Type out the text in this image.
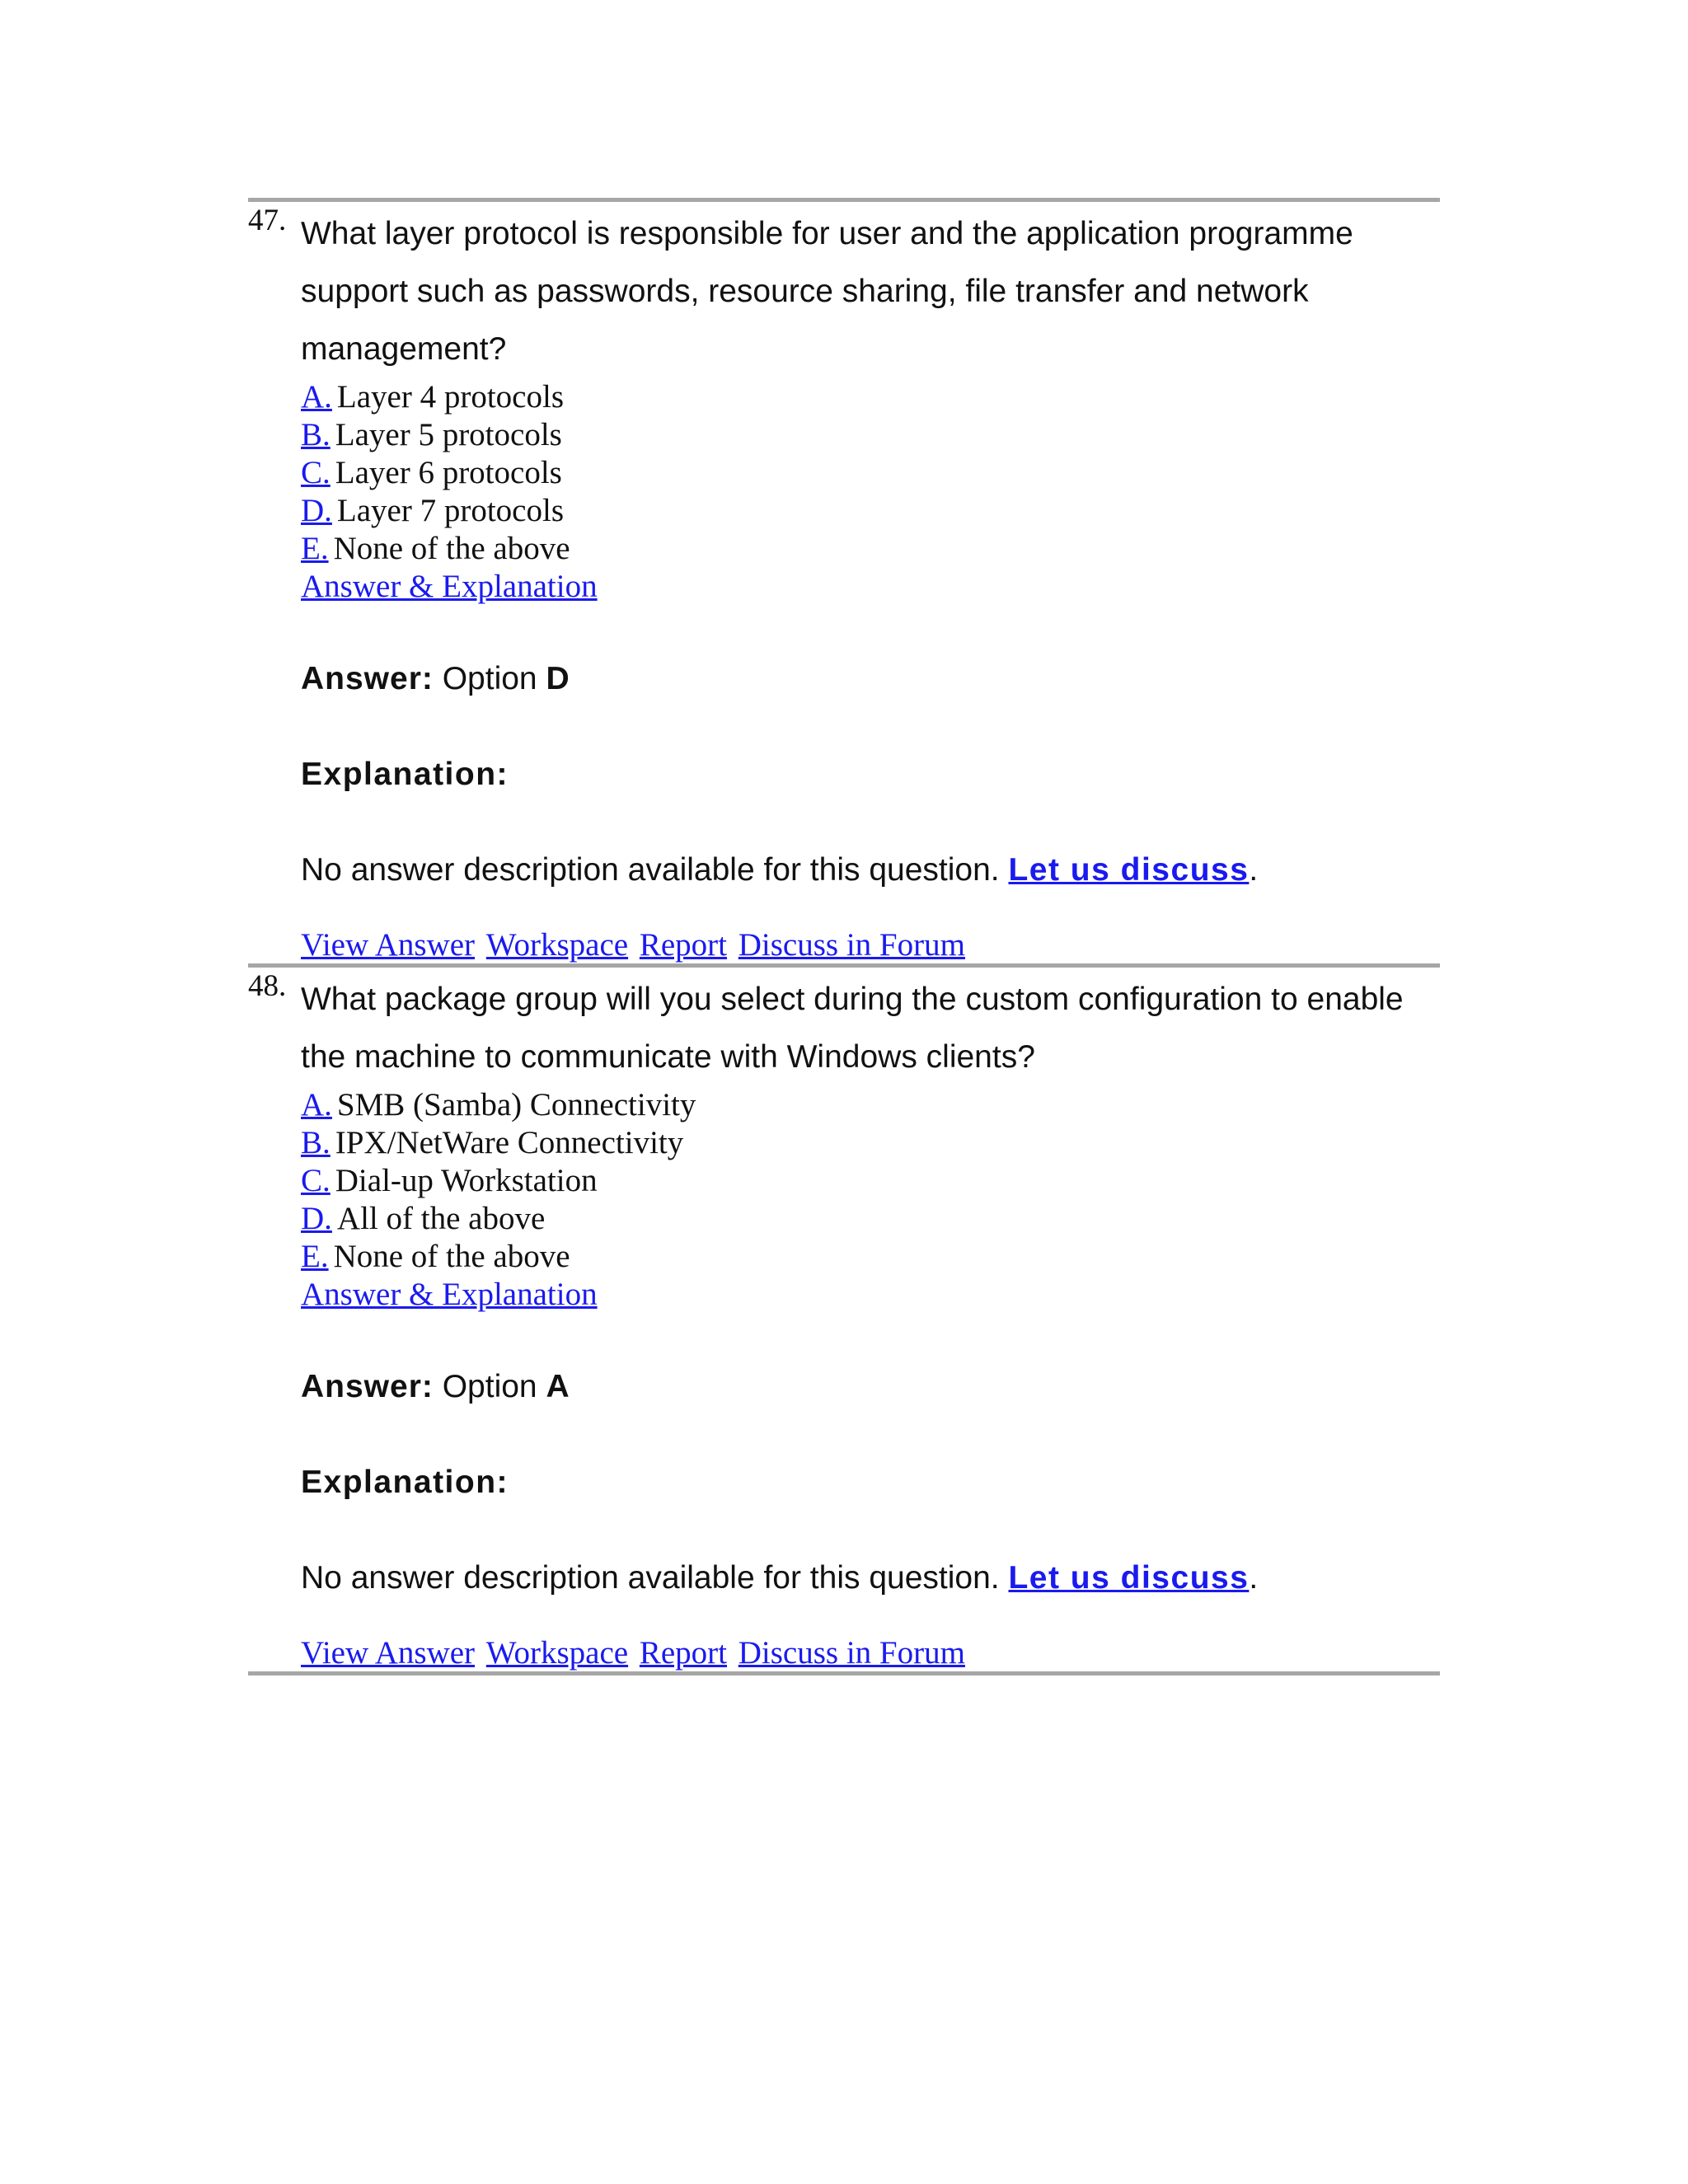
47. What layer protocol is responsible for user and the application programme support such as passwords, resource sharing, file transfer and network management?

A. Layer 4 protocols
B. Layer 5 protocols
C. Layer 6 protocols
D. Layer 7 protocols
E. None of the above
Answer & Explanation
Answer: Option D
Explanation:
No answer description available for this question. Let us discuss.
View Answer Workspace Report Discuss in Forum
48. What package group will you select during the custom configuration to enable the machine to communicate with Windows clients?

A. SMB (Samba) Connectivity
B. IPX/NetWare Connectivity
C. Dial-up Workstation
D. All of the above
E. None of the above
Answer & Explanation
Answer: Option A
Explanation:
No answer description available for this question. Let us discuss.
View Answer Workspace Report Discuss in Forum
